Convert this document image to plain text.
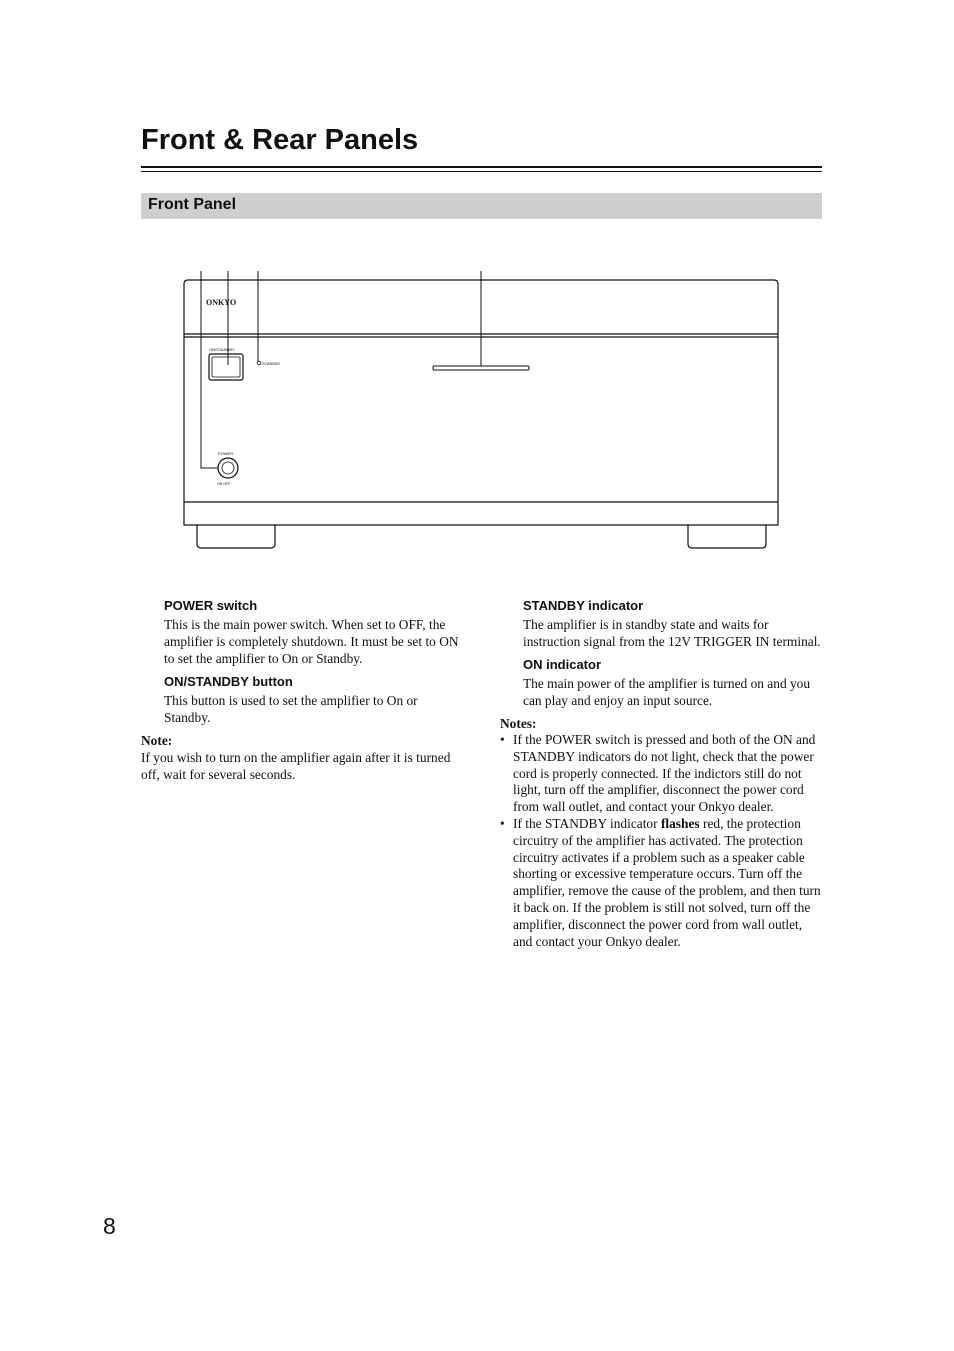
Front & Rear Panels
Front Panel
ONKYO
ON/STANDBY
STANDBY
POWER
ON OFF
POWER switch

This is the main power switch. When set to OFF, the amplifier is completely shutdown. It must be set to ON to set the amplifier to On or Standby.

ON/STANDBY button

This button is used to set the amplifier to On or Standby.

Note:

If you wish to turn on the amplifier again after it is turned off, wait for several seconds.

STANDBY indicator

The amplifier is in standby state and waits for instruction signal from the 12V TRIGGER IN terminal.

ON indicator

The main power of the amplifier is turned on and you can play and enjoy an input source.

Notes:

• If the POWER switch is pressed and both of the ON and STANDBY indicators do not light, check that the power cord is properly connected. If the indictors still do not light, turn off the amplifier, disconnect the power cord from wall outlet, and contact your Onkyo dealer.
• If the STANDBY indicator flashes red, the protection circuitry of the amplifier has activated. The protection circuitry activates if a problem such as a speaker cable shorting or excessive temperature occurs. Turn off the amplifier, remove the cause of the problem, and then turn it back on. If the problem is still not solved, turn off the amplifier, disconnect the power cord from wall outlet, and contact your Onkyo dealer.

8
